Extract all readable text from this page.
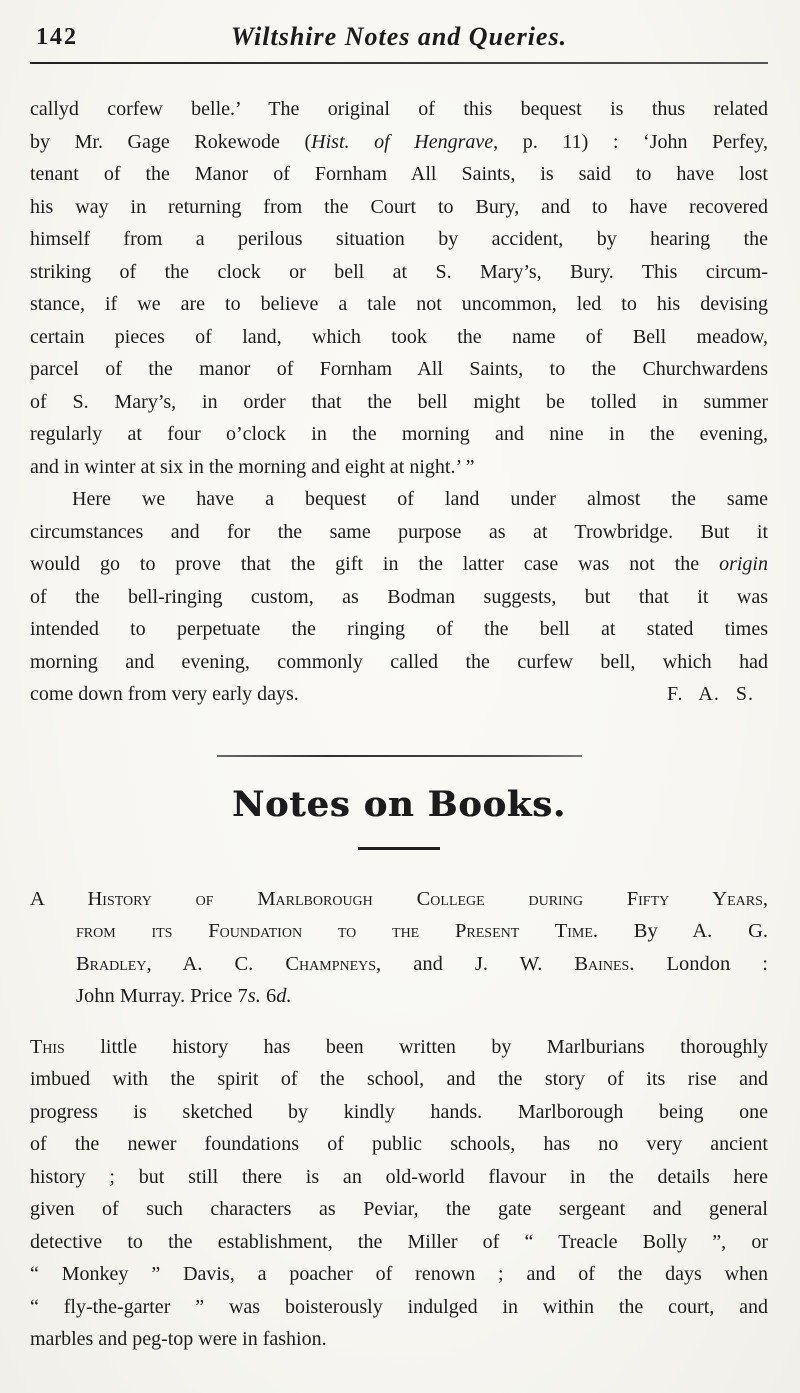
142	Wiltshire Notes and Queries.
callyd corfew belle.’ The original of this bequest is thus related
by Mr. Gage Rokewode (Hist. of Hengrave, p. 11) : ‘John Perfey,
tenant of the Manor of Fornham All Saints, is said to have lost
his way in returning from the Court to Bury, and to have recovered
himself from a perilous situation by accident, by hearing the
striking of the clock or bell at S. Mary’s, Bury. This circum-
stance, if we are to believe a tale not uncommon, led to his devising
certain pieces of land, which took the name of Bell meadow,
parcel of the manor of Fornham All Saints, to the Churchwardens
of S. Mary’s, in order that the bell might be tolled in summer
regularly at four o’clock in the morning and nine in the evening,
and in winter at six in the morning and eight at night.’ ”
Here we have a bequest of land under almost the same
circumstances and for the same purpose as at Trowbridge. But it
would go to prove that the gift in the latter case was not the origin
of the bell-ringing custom, as Bodman suggests, but that it was
intended to perpetuate the ringing of the bell at stated times
morning and evening, commonly called the curfew bell, which had
come down from very early days.	F. A. S.
Notes on Books.
A History of Marlborough College during Fifty Years,
from its Foundation to the Present Time. By A. G.
Bradley, A. C. Champneys, and J. W. Baines. London :
John Murray. Price 7s. 6d.
This little history has been written by Marlburians thoroughly
imbued with the spirit of the school, and the story of its rise and
progress is sketched by kindly hands. Marlborough being one
of the newer foundations of public schools, has no very ancient
history ; but still there is an old-world flavour in the details here
given of such characters as Peviar, the gate sergeant and general
detective to the establishment, the Miller of “ Treacle Bolly ”, or
“ Monkey ” Davis, a poacher of renown ; and of the days when
“ fly-the-garter ” was boisterously indulged in within the court, and
marbles and peg-top were in fashion.
